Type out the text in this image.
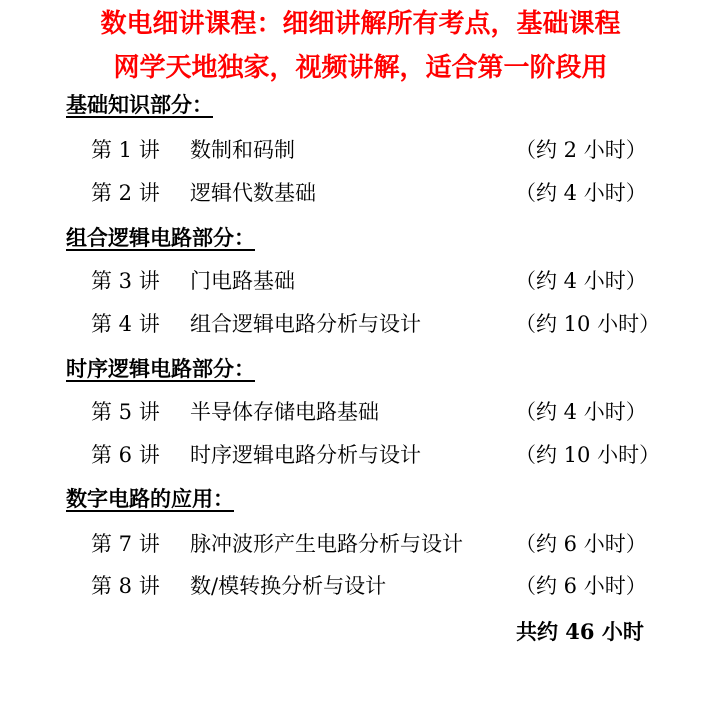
数电细讲课程：细细讲解所有考点，基础课程
网学天地独家，视频讲解，适合第一阶段用
基础知识部分：
第 1 讲 数制和码制	（约 2 小时）
第 2 讲 逻辑代数基础	（约 4 小时）
组合逻辑电路部分：
第 3 讲 门电路基础	（约 4 小时）
第 4 讲 组合逻辑电路分析与设计	（约 10 小时）
时序逻辑电路部分：
第 5 讲 半导体存储电路基础	（约 4 小时）
第 6 讲 时序逻辑电路分析与设计	（约 10 小时）
数字电路的应用：
第 7 讲 脉冲波形产生电路分析与设计 （约 6 小时）
第 8 讲 数/模转换分析与设计	（约 6 小时）
共约 46 小时
